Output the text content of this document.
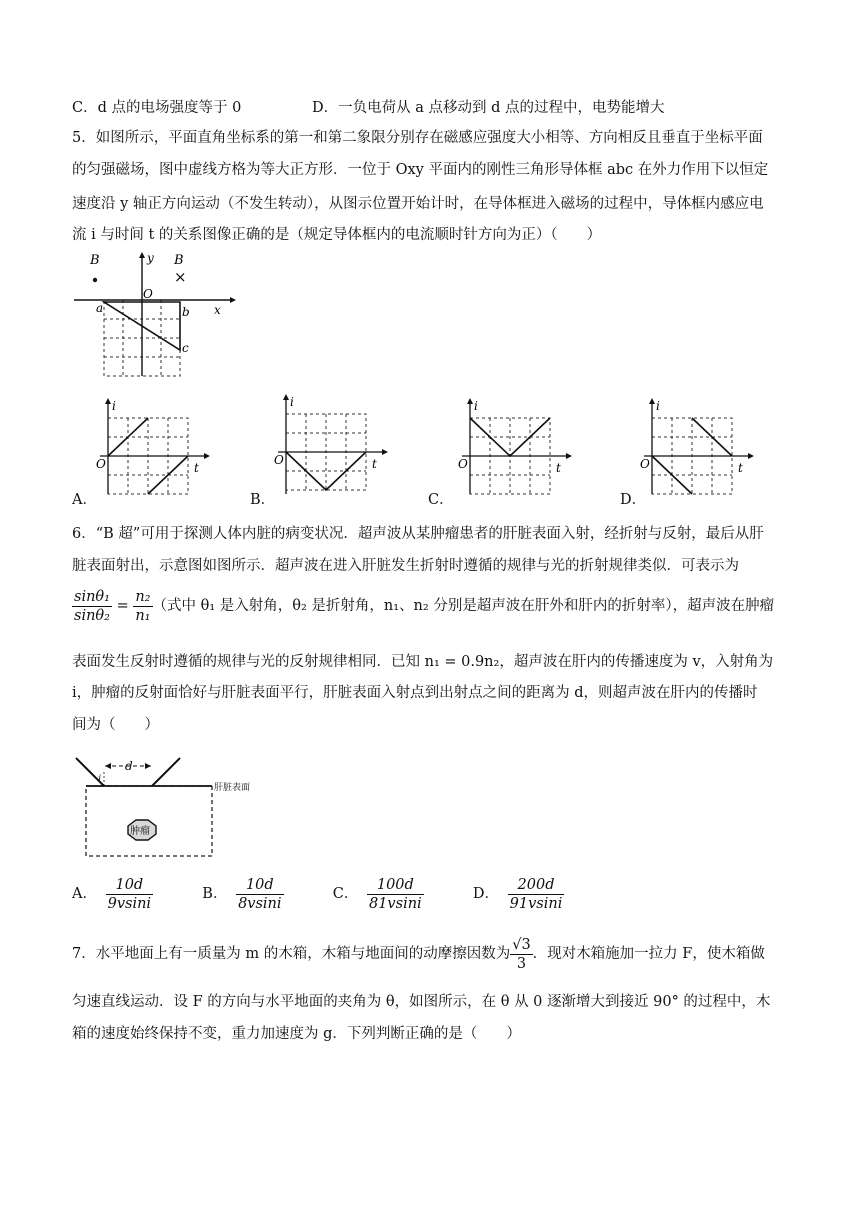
C．d 点的电场强度等于 0	D．一负电荷从 a 点移动到 d 点的过程中，电势能增大
5．如图所示，平面直角坐标系的第一和第二象限分别存在磁感应强度大小相等、方向相反且垂直于坐标平面
的匀强磁场，图中虚线方格为等大正方形．一位于 Oxy 平面内的刚性三角形导体框 abc 在外力作用下以恒定
速度沿 y 轴正方向运动（不发生转动），从图示位置开始计时，在导体框进入磁场的过程中，导体框内感应电
流 i 与时间 t 的关系图像正确的是（规定导体框内的电流顺时针方向为正）（　　）
B	B
×
y
x
O
a	b
c
A．
i
t
O
B．
i
t
O
C．
i
t
O
D．
i
t
O
6．“B 超”可用于探测人体内脏的病变状况．超声波从某肿瘤患者的肝脏表面入射，经折射与反射，最后从肝
脏表面射出，示意图如图所示．超声波在进入肝脏发生折射时遵循的规律与光的折射规律类似．可表示为
$\frac{\text{sinθ₁}}{\text{sinθ₂}} = \frac{\text{n₂}}{\text{n₁}}$ （式中 θ₁ 是入射角，θ₂ 是折射角，n₁、n₂ 分别是超声波在肝外和肝内的折射率），超声波在肿瘤
表面发生反射时遵循的规律与光的反射规律相同．已知 n₁ = 0.9n₂，超声波在肝内的传播速度为 v，入射角为
i，肿瘤的反射面恰好与肝脏表面平行，肝脏表面入射点到出射点之间的距离为 d，则超声波在肝内的传播时
间为（　　）
d
i
肿瘤
肝脏表面
A． $\frac{10d}{9vsini}$	B． $\frac{10d}{8vsini}$	C． $\frac{100d}{81vsini}$	D． $\frac{200d}{91vsini}$
7．水平地面上有一质量为 m 的木箱，木箱与地面间的动摩擦因数为 $\frac{√3}{3}$ ．现对木箱施加一拉力 F，使木箱做
匀速直线运动．设 F 的方向与水平地面的夹角为 θ，如图所示，在 θ 从 0 逐渐增大到接近 90° 的过程中，木
箱的速度始终保持不变，重力加速度为 g．下列判断正确的是（　　）
